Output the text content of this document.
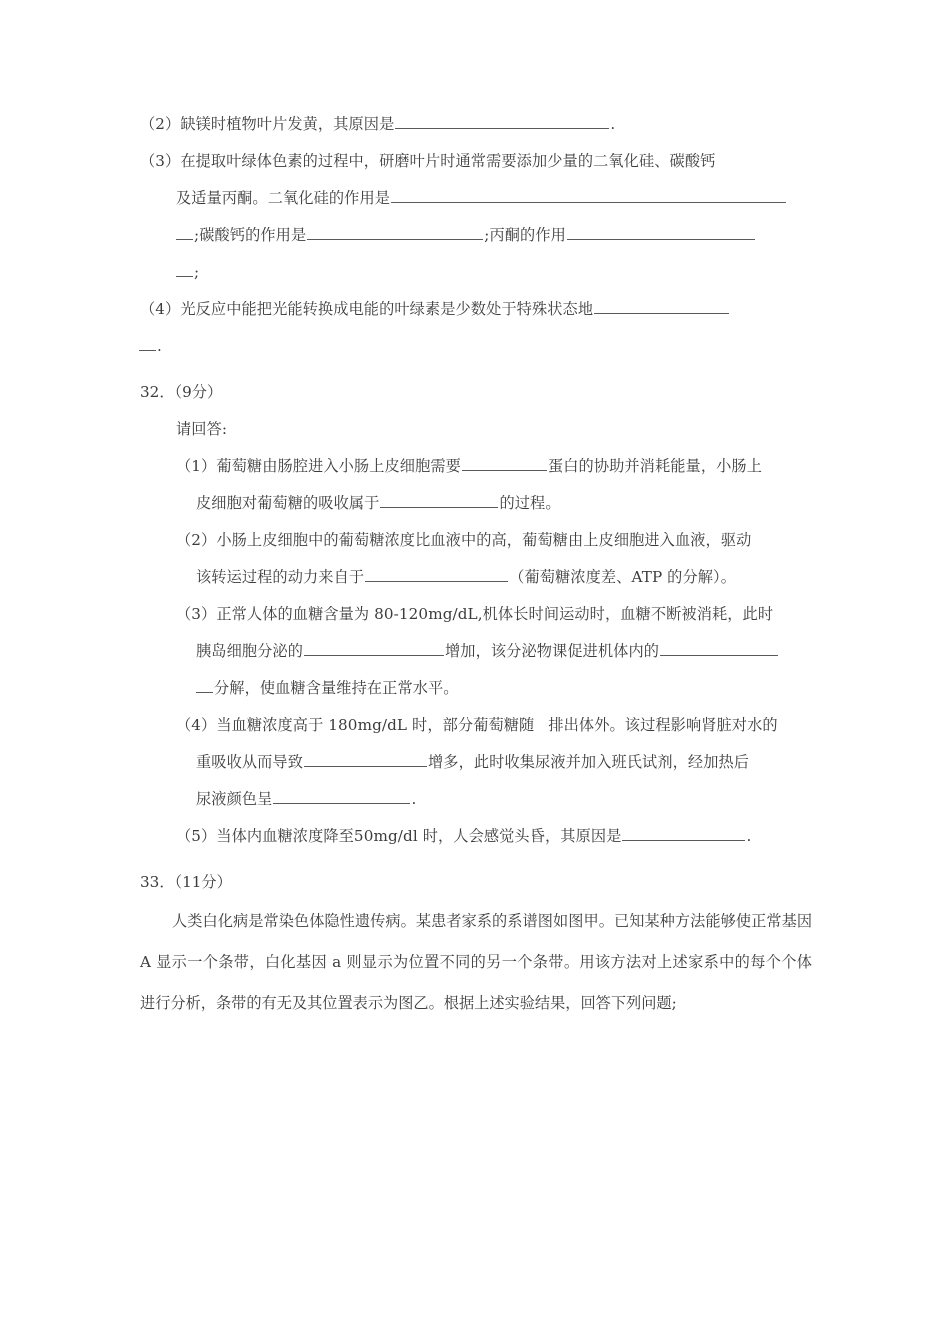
（2）缺镁时植物叶片发黄，其原因是	.
（3）在提取叶绿体色素的过程中，研磨叶片时通常需要添加少量的二氧化硅、碳酸钙
及适量丙酮。二氧化硅的作用是
;碳酸钙的作用是	;丙酮的作用
;
（4）光反应中能把光能转换成电能的叶绿素是少数处于特殊状态地
.
32．（9分）
请回答:
（1）葡萄糖由肠腔进入小肠上皮细胞需要	蛋白的协助并消耗能量，小肠上
皮细胞对葡萄糖的吸收属于	的过程。
（2）小肠上皮细胞中的葡萄糖浓度比血液中的高，葡萄糖由上皮细胞进入血液，驱动
该转运过程的动力来自于	（葡萄糖浓度差、ATP 的分解）。
（3）正常人体的血糖含量为 80-120mg/dL,机体长时间运动时，血糖不断被消耗，此时
胰岛细胞分泌的	增加，该分泌物课促进机体内的
分解，使血糖含量维持在正常水平。
（4）当血糖浓度高于 180mg/dL 时，部分葡萄糖随 排出体外。该过程影响肾脏对水的
重吸收从而导致	增多，此时收集尿液并加入班氏试剂，经加热后
尿液颜色呈	.
（5）当体内血糖浓度降至50mg/dl 时，人会感觉头昏，其原因是	.
33．（11分）
人类白化病是常染色体隐性遗传病。某患者家系的系谱图如图甲。已知某种方法能够使正常基因 A 显示一个条带，白化基因 a 则显示为位置不同的另一个条带。用该方法对上述家系中的每个个体进行分析，条带的有无及其位置表示为图乙。根据上述实验结果，回答下列问题;
